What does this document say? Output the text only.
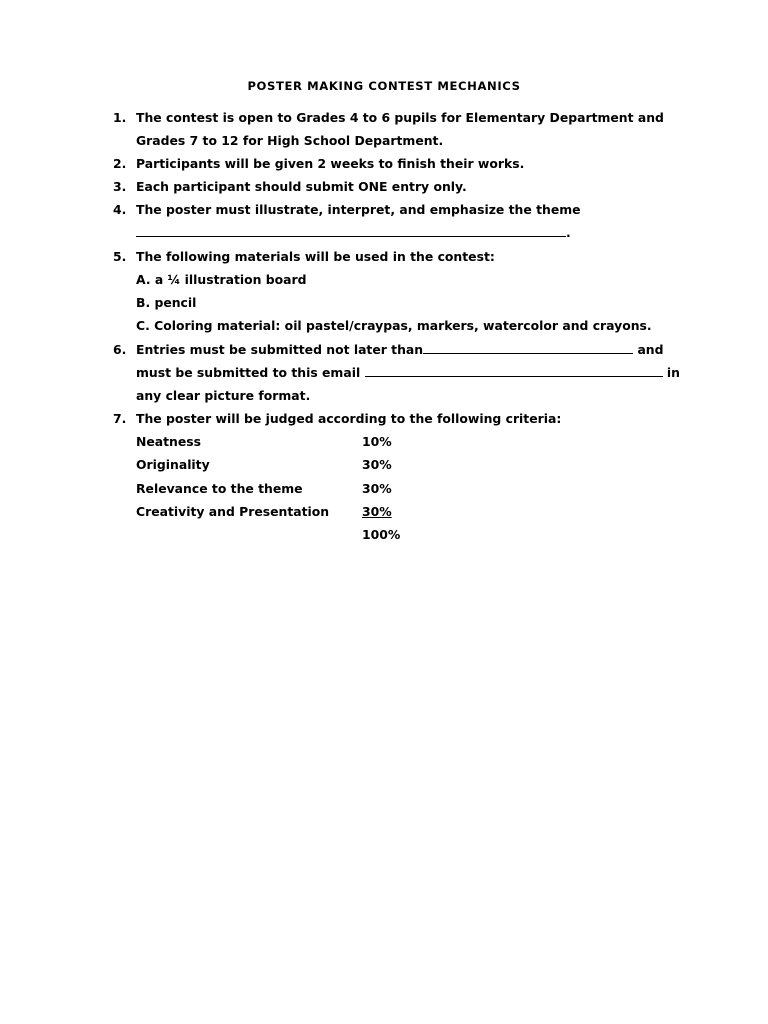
POSTER MAKING CONTEST MECHANICS
1. The contest is open to Grades 4 to 6 pupils for Elementary Department and
Grades 7 to 12 for High School Department.
2. Participants will be given 2 weeks to finish their works.
3. Each participant should submit ONE entry only.
4. The poster must illustrate, interpret, and emphasize the theme
.
5. The following materials will be used in the contest:
A. a ¼ illustration board
B. pencil
C. Coloring material: oil pastel/craypas, markers, watercolor and crayons.
6. Entries must be submitted not later than	and
must be submitted to this email	in
any clear picture format.
7. The poster will be judged according to the following criteria:
Neatness	10%
Originality	30%
Relevance to the theme	30%
Creativity and Presentation	30%
100%
